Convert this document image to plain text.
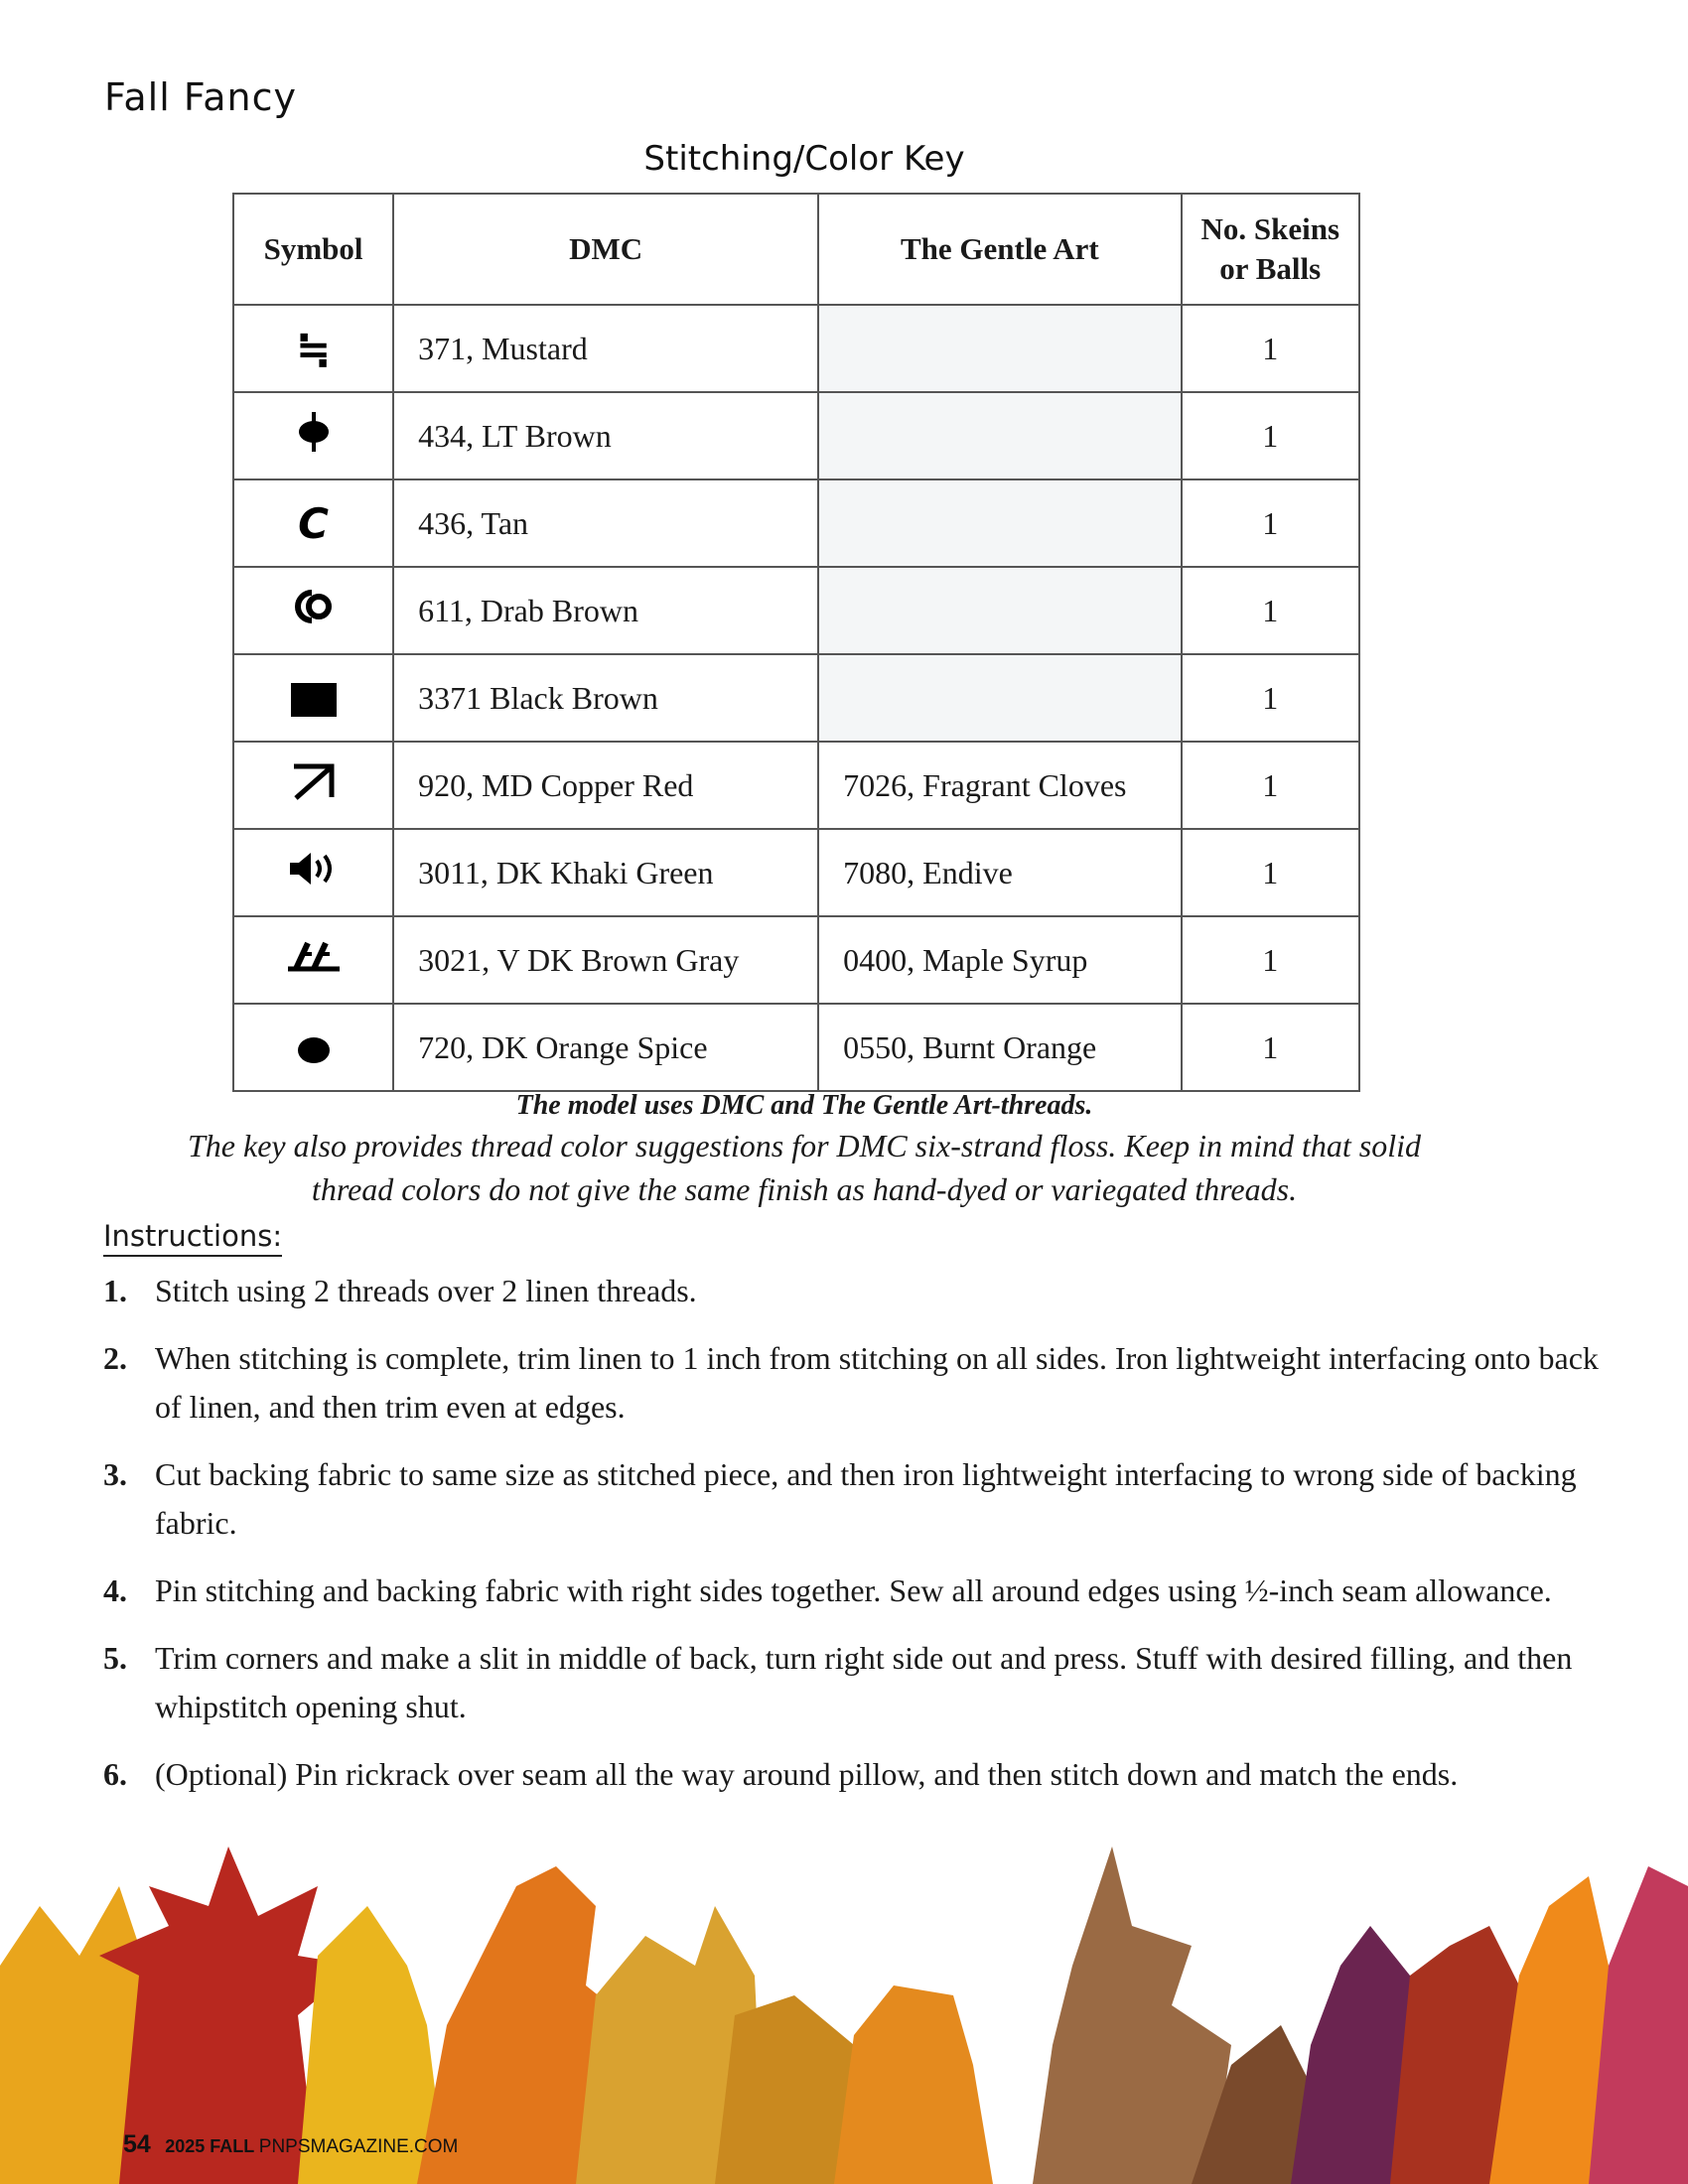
Fall Fancy
Stitching/Color Key
Symbol	DMC	The Gentle Art	No. Skeins
or Balls
≒	371, Mustard		1
	434, LT Brown		1
C	436, Tan		1
	611, Drab Brown		1
	3371 Black Brown		1
	920, MD Copper Red	7026, Fragrant Cloves	1
	3011, DK Khaki Green	7080, Endive	1
	3021, V DK Brown Gray	0400, Maple Syrup	1
	720, DK Orange Spice	0550, Burnt Orange	1
The model uses DMC and The Gentle Art-threads.
The key also provides thread color suggestions for DMC six-strand floss. Keep in mind that solid thread colors do not give the same finish as hand-dyed or variegated threads.
Instructions:
1. Stitch using 2 threads over 2 linen threads.
2. When stitching is complete, trim linen to 1 inch from stitching on all sides. Iron lightweight interfacing onto back of linen, and then trim even at edges.
3. Cut backing fabric to same size as stitched piece, and then iron lightweight interfacing to wrong side of backing fabric.
4. Pin stitching and backing fabric with right sides together. Sew all around edges using ½-inch seam allowance.
5. Trim corners and make a slit in middle of back, turn right side out and press. Stuff with desired filling, and then whipstitch opening shut.
6. (Optional) Pin rickrack over seam all the way around pillow, and then stitch down and match the ends.
54 2025 FALL PNPSMAGAZINE.COM
